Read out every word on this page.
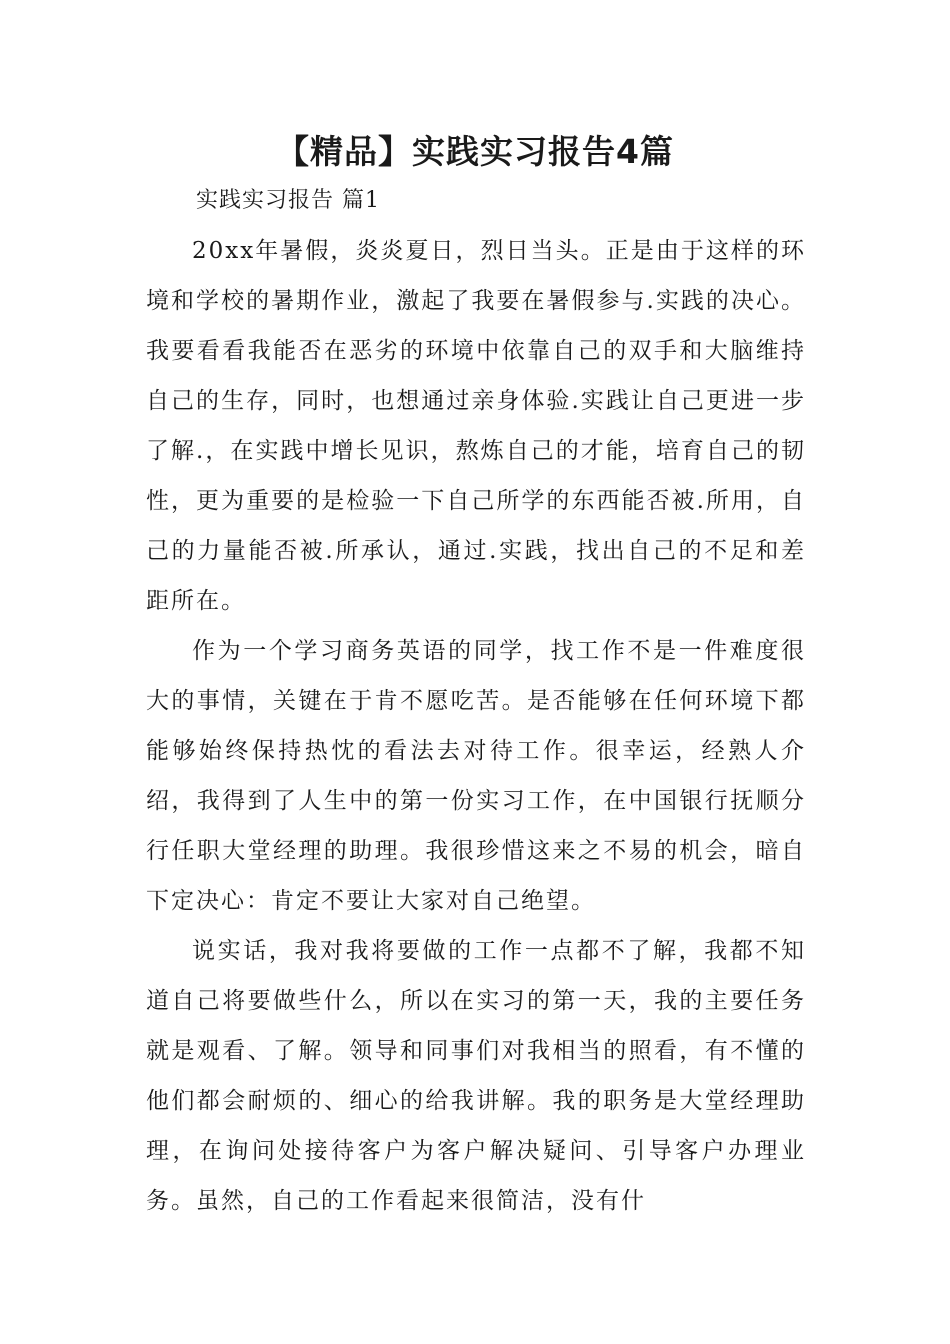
【精品】实践实习报告4篇
实践实习报告 篇1

20xx年暑假，炎炎夏日，烈日当头。正是由于这样的环境和学校的暑期作业，激起了我要在暑假参与.实践的决心。我要看看我能否在恶劣的环境中依靠自己的双手和大脑维持自己的生存，同时，也想通过亲身体验.实践让自己更进一步了解.，在实践中增长见识，熬炼自己的才能，培育自己的韧性，更为重要的是检验一下自己所学的东西能否被.所用，自己的力量能否被.所承认，通过.实践，找出自己的不足和差距所在。

作为一个学习商务英语的同学，找工作不是一件难度很大的事情，关键在于肯不愿吃苦。是否能够在任何环境下都能够始终保持热忱的看法去对待工作。很幸运，经熟人介绍，我得到了人生中的第一份实习工作，在中国银行抚顺分行任职大堂经理的助理。我很珍惜这来之不易的机会，暗自下定决心：肯定不要让大家对自己绝望。

说实话，我对我将要做的工作一点都不了解，我都不知道自己将要做些什么，所以在实习的第一天，我的主要任务就是观看、了解。领导和同事们对我相当的照看，有不懂的他们都会耐烦的、细心的给我讲解。我的职务是大堂经理助理，在询问处接待客户为客户解决疑问、引导客户办理业务。虽然，自己的工作看起来很简洁，没有什
